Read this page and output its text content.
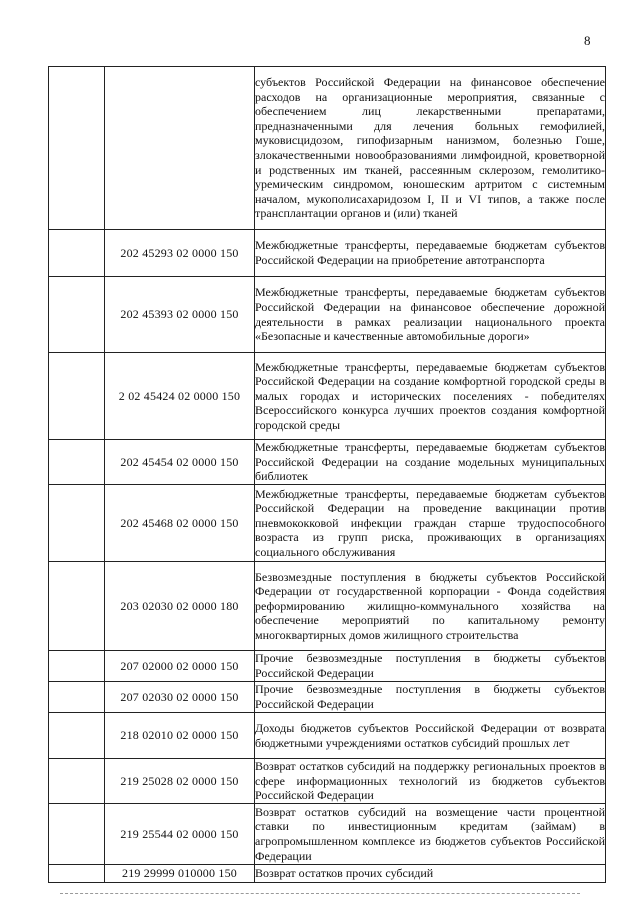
8

		субъектов Российской Федерации на финансовое обеспечение расходов на организационные мероприятия, связанные с обеспечением лиц лекарственными препаратами, предназначенными для лечения больных гемофилией, муковисцидозом, гипофизарным нанизмом, болезнью Гоше, злокачественными новообразованиями лимфоидной, кроветворной и родственных им тканей, рассеянным склерозом, гемолитико-уремическим синдромом, юношеским артритом с системным началом, мукополисахаридозом I, II и VI типов, а также после трансплантации органов и (или) тканей

	202 45293 02 0000 150	Межбюджетные трансферты, передаваемые бюджетам субъектов Российской Федерации на приобретение автотранспорта

	202 45393 02 0000 150	Межбюджетные трансферты, передаваемые бюджетам субъектов Российской Федерации на финансовое обеспечение дорожной деятельности в рамках реализации национального проекта «Безопасные и качественные автомобильные дороги»

	2 02 45424 02 0000 150	Межбюджетные трансферты, передаваемые бюджетам субъектов Российской Федерации на создание комфортной городской среды в малых городах и исторических поселениях - победителях Всероссийского конкурса лучших проектов создания комфортной городской среды

	202 45454 02 0000 150	Межбюджетные трансферты, передаваемые бюджетам субъектов Российской Федерации на создание модельных муниципальных библиотек

	202 45468 02 0000 150	Межбюджетные трансферты, передаваемые бюджетам субъектов Российской Федерации на проведение вакцинации против пневмококковой инфекции граждан старше трудоспособного возраста из групп риска, проживающих в организациях социального обслуживания

	203 02030 02 0000 180	Безвозмездные поступления в бюджеты субъектов Российской Федерации от государственной корпорации - Фонда содействия реформированию жилищно-коммунального хозяйства на обеспечение мероприятий по капитальному ремонту многоквартирных домов жилищного строительства

	207 02000 02 0000 150	Прочие безвозмездные поступления в бюджеты субъектов Российской Федерации

	207 02030 02 0000 150	Прочие безвозмездные поступления в бюджеты субъектов Российской Федерации

	218 02010 02 0000 150	Доходы бюджетов субъектов Российской Федерации от возврата бюджетными учреждениями остатков субсидий прошлых лет

	219 25028 02 0000 150	Возврат остатков субсидий на поддержку региональных проектов в сфере информационных технологий из бюджетов субъектов Российской Федерации

	219 25544 02 0000 150	Возврат остатков субсидий на возмещение части процентной ставки по инвестиционным кредитам (займам) в агропромышленном комплексе из бюджетов субъектов Российской Федерации

	219 29999 010000 150	Возврат остатков прочих субсидий
